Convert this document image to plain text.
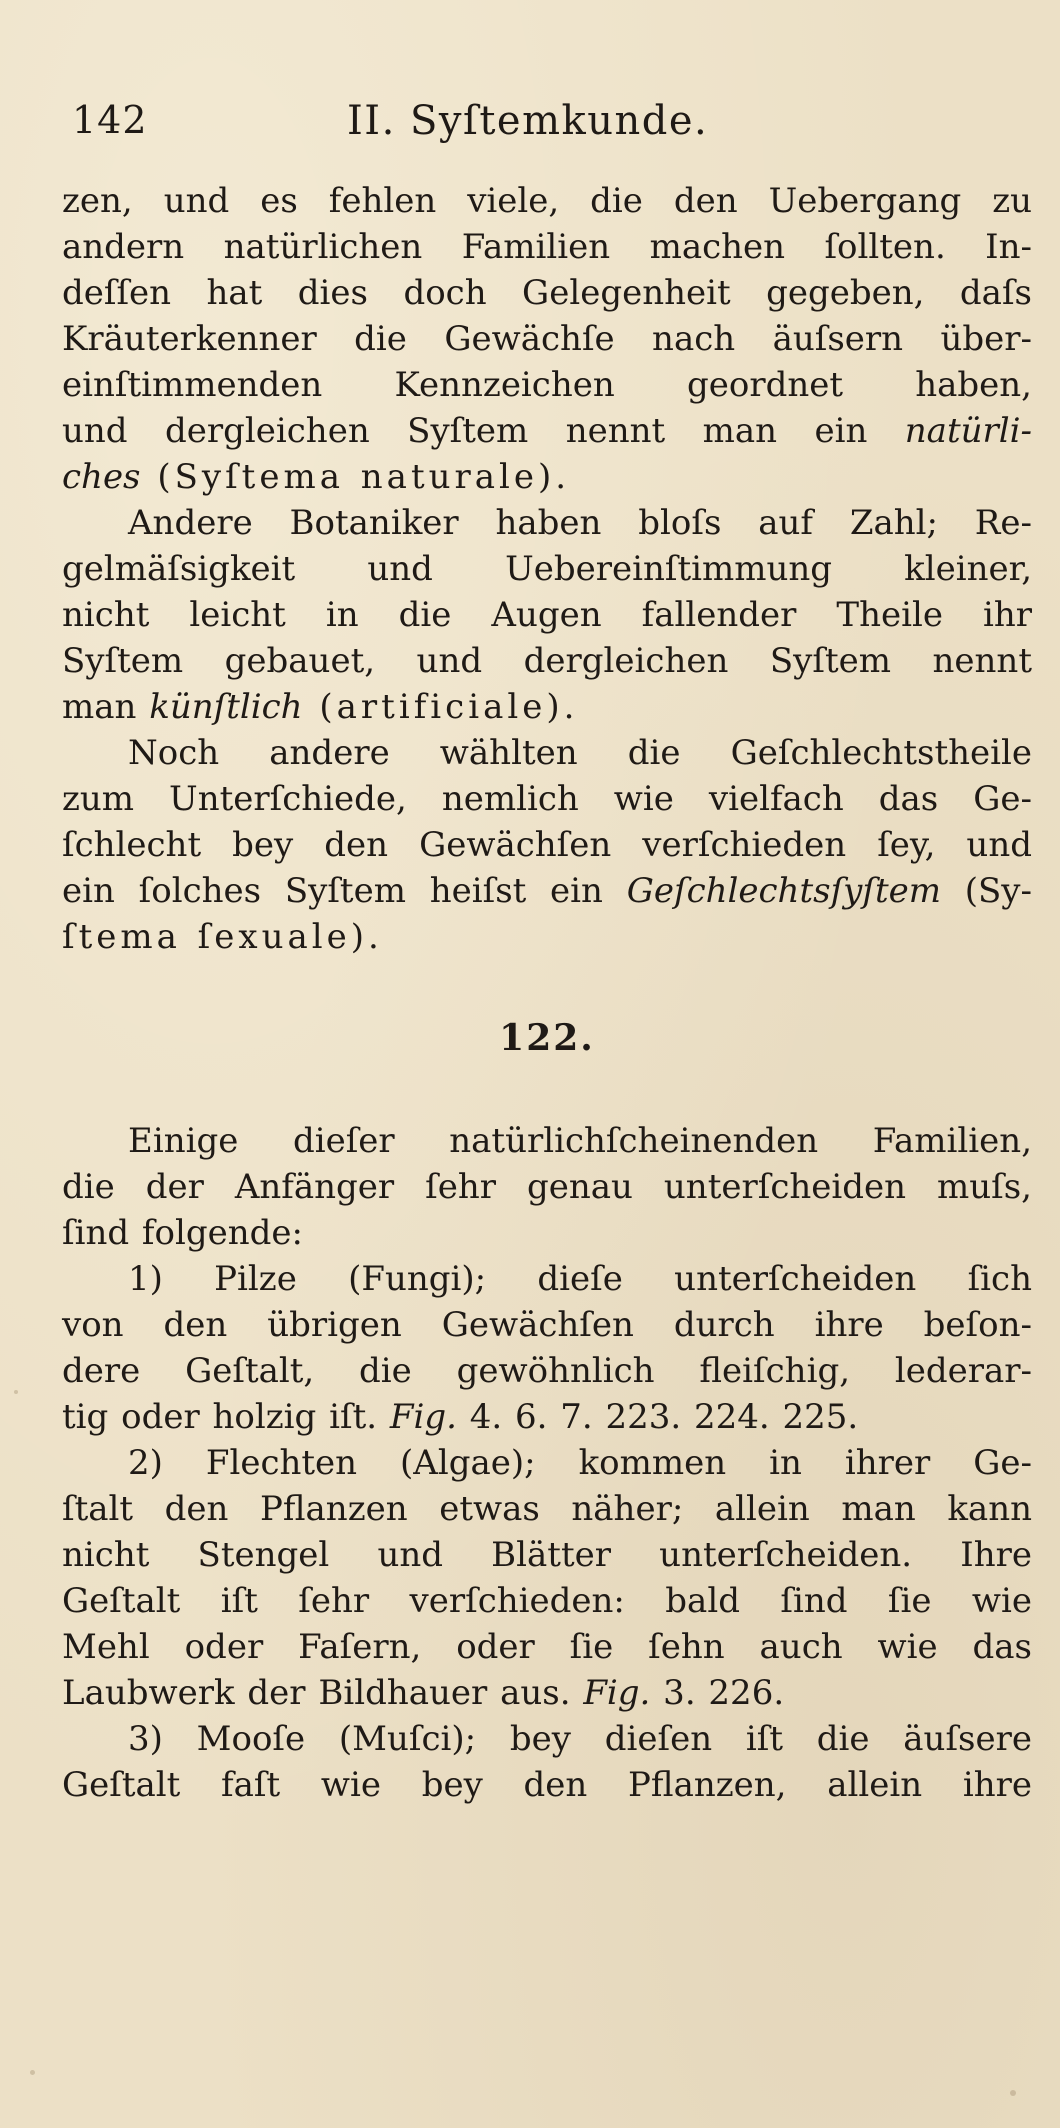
142	II. Syſtemkunde.
zen, und es fehlen viele, die den Uebergang zu
andern natürlichen Familien machen ſollten. In-
deſſen hat dies doch Gelegenheit gegeben, daſs
Kräuterkenner die Gewächſe nach äuſsern über-
einſtimmenden Kennzeichen geordnet haben,
und dergleichen Syſtem nennt man ein natürli-
ches (Syſtema naturale).
Andere Botaniker haben bloſs auf Zahl; Re-
gelmäſsigkeit und Uebereinſtimmung kleiner,
nicht leicht in die Augen fallender Theile ihr
Syſtem gebauet, und dergleichen Syſtem nennt
man künſtlich (artificiale).
Noch andere wählten die Geſchlechtstheile
zum Unterſchiede, nemlich wie vielfach das Ge-
ſchlecht bey den Gewächſen verſchieden ſey, und
ein ſolches Syſtem heiſst ein Geſchlechtsſyſtem (Sy-
ſtema ſexuale).
122.
Einige dieſer natürlichſcheinenden Familien,
die der Anfänger ſehr genau unterſcheiden muſs,
ſind folgende:
1) Pilze (Fungi); dieſe unterſcheiden ſich
von den übrigen Gewächſen durch ihre beſon-
dere Geſtalt, die gewöhnlich fleiſchig, lederar-
tig oder holzig iſt. Fig. 4. 6. 7. 223. 224. 225.
2) Flechten (Algae); kommen in ihrer Ge-
ſtalt den Pflanzen etwas näher; allein man kann
nicht Stengel und Blätter unterſcheiden. Ihre
Geſtalt iſt ſehr verſchieden: bald ſind ſie wie
Mehl oder Faſern, oder ſie ſehn auch wie das
Laubwerk der Bildhauer aus. Fig. 3. 226.
3) Mooſe (Muſci); bey dieſen iſt die äuſsere
Geſtalt faſt wie bey den Pflanzen, allein ihre
